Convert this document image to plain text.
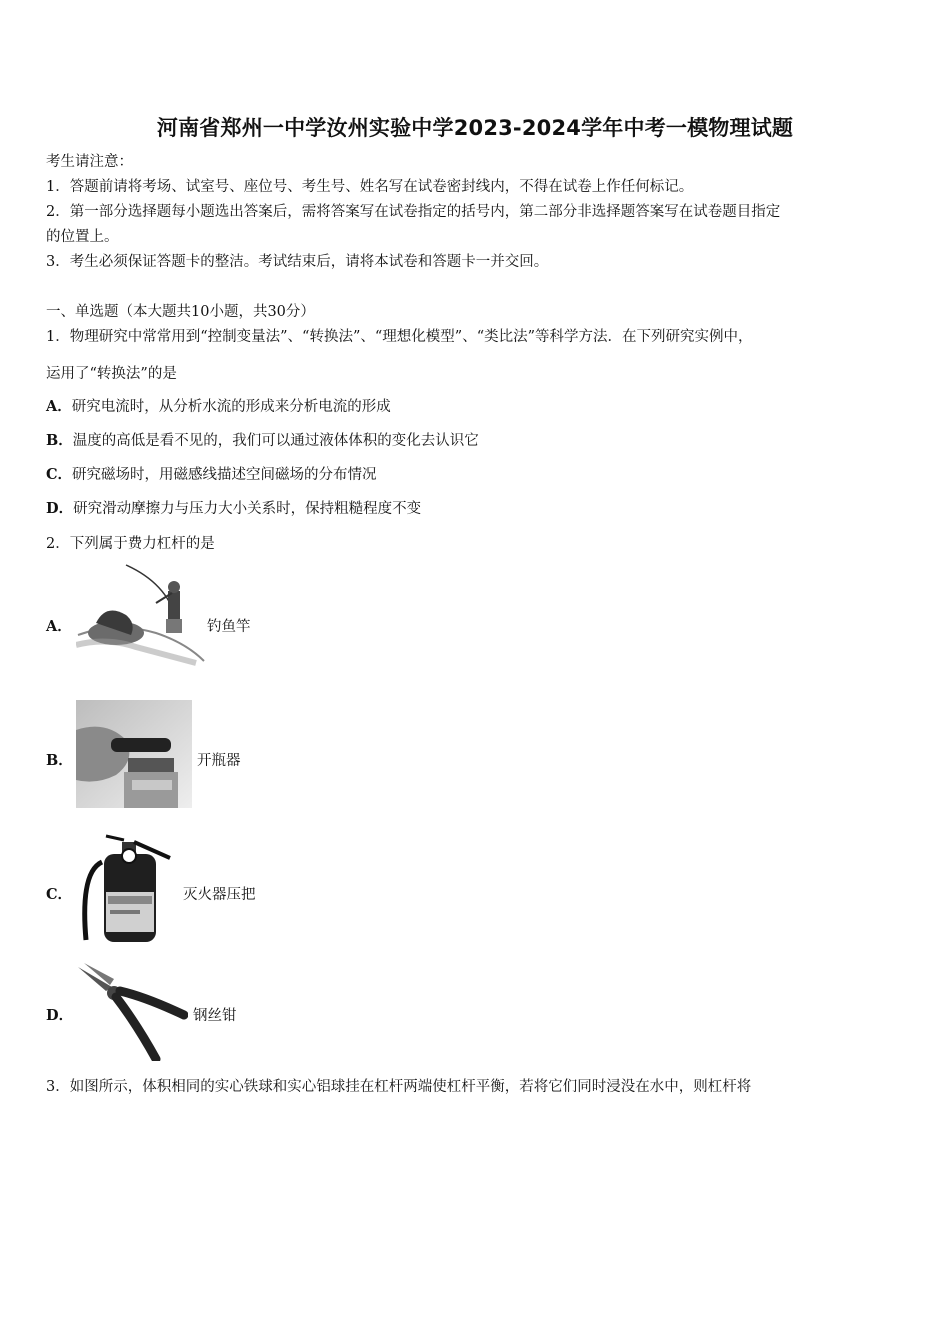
河南省郑州一中学汝州实验中学2023-2024学年中考一模物理试题
考生请注意：
1．答题前请将考场、试室号、座位号、考生号、姓名写在试卷密封线内，不得在试卷上作任何标记。
2．第一部分选择题每小题选出答案后，需将答案写在试卷指定的括号内，第二部分非选择题答案写在试卷题目指定
的位置上。
3．考生必须保证答题卡的整洁。考试结束后，请将本试卷和答题卡一并交回。
一、单选题（本大题共10小题，共30分）
1．物理研究中常常用到“控制变量法”、“转换法”、“理想化模型”、“类比法”等科学方法．在下列研究实例中，
运用了“转换法”的是
A．研究电流时，从分析水流的形成来分析电流的形成
B．温度的高低是看不见的，我们可以通过液体体积的变化去认识它
C．研究磁场时，用磁感线描述空间磁场的分布情况
D．研究滑动摩擦力与压力大小关系时，保持粗糙程度不变
2．下列属于费力杠杆的是
A．	钓鱼竿
B．	开瓶器
C．	灭火器压把
D．	钢丝钳
3．如图所示，体积相同的实心铁球和实心铝球挂在杠杆两端使杠杆平衡，若将它们同时浸没在水中，则杠杆将
